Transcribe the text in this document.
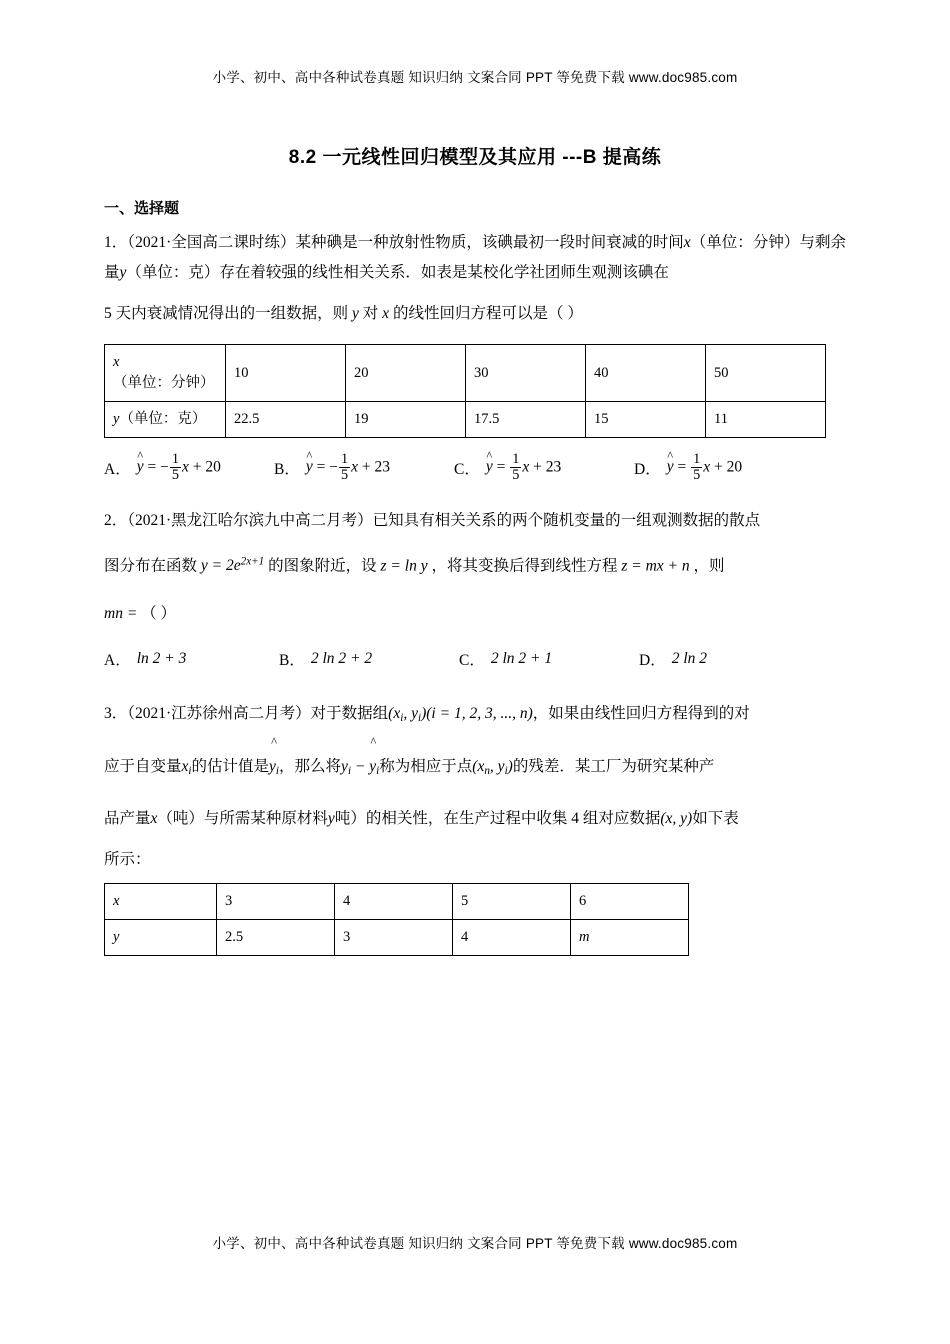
小学、初中、高中各种试卷真题 知识归纳 文案合同 PPT 等免费下载 www.doc985.com
8.2 一元线性回归模型及其应用 ---B 提高练
一、选择题
1．（2021·全国高二课时练）某种碘是一种放射性物质，该碘最初一段时间衰减的时间x（单位：分钟）与剩余量y（单位：克）存在着较强的线性相关关系．如表是某校化学社团师生观测该碘在
5 天内衰减情况得出的一组数据，则 y 对 x 的线性回归方程可以是（ ）
x（单位：分钟）	10	20	30	40	50
y（单位：克）	22.5	19	17.5	15	11
A．
^
y = − $\frac{1}{5}$ x + 20	B．
^
y = − $\frac{1}{5}$ x + 23	C．
^
$y = \frac{1}{5}$ x + 23	D．
^
$y = \frac{1}{5}$ x + 20
2．（2021·黑龙江哈尔滨九中高二月考）已知具有相关关系的两个随机变量的一组观测数据的散点
图分布在函数 $y = 2e^{2x+1}$ 的图象附近，设 z = ln y ，将其变换后得到线性方程 z = mx + n ，则
mn = （ ）
A． ln 2 + 3	B． 2 ln 2 + 2	C． 2 ln 2 + 1	D． 2 ln 2
3．（2021·江苏徐州高二月考）对于数据组($x_i$, $y_i)(i = 1$, 2, 3, ..., n)，如果由线性回归方程得到的对
应于自变量$x_i$的估计值是
^
$y_i$，那么将$y_i$ −
^
$y_i$称为相应于点($x_n$, $y_i$)的残差．某工厂为研究某种产
品产量x（吨）与所需某种原材料y吨）的相关性，在生产过程中收集 4 组对应数据(x, y)如下表
所示：
x	3	4	5	6
y	2.5	3	4	m
小学、初中、高中各种试卷真题 知识归纳 文案合同 PPT 等免费下载 www.doc985.com
